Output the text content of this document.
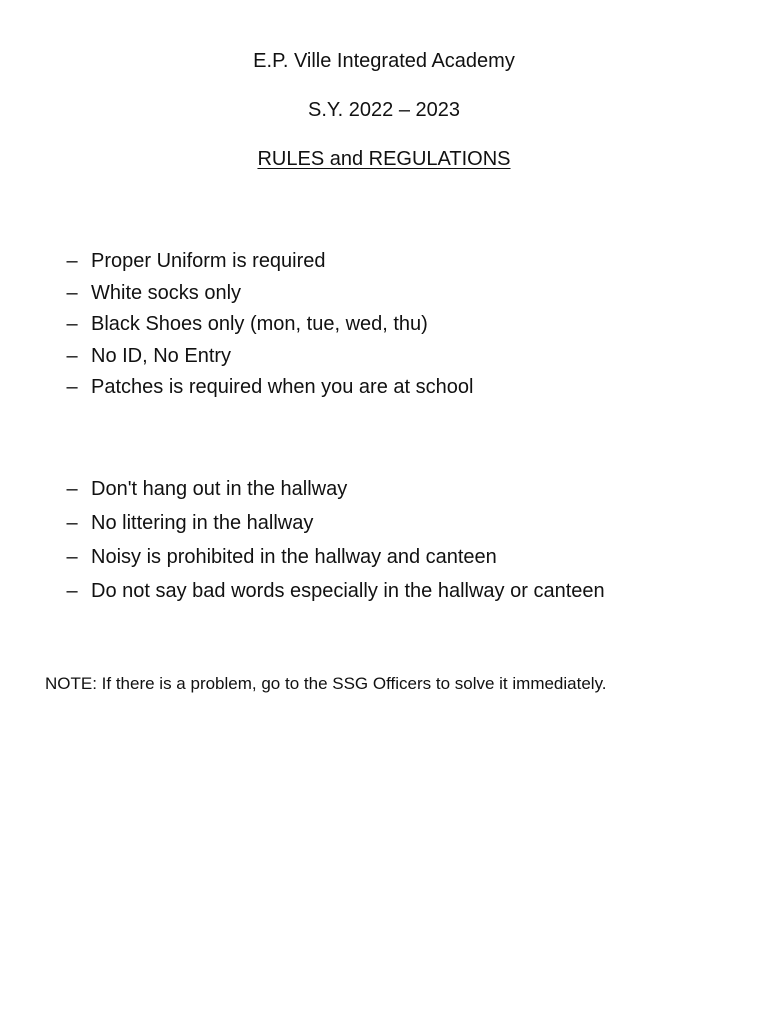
E.P. Ville Integrated Academy
S.Y. 2022 – 2023
RULES and REGULATIONS
– Proper Uniform is required
– White socks only
– Black Shoes only (mon, tue, wed, thu)
– No ID, No Entry
– Patches is required when you are at school
– Don't hang out in the hallway
– No littering in the hallway
– Noisy is prohibited in the hallway and canteen
– Do not say bad words especially in the hallway or canteen
NOTE: If there is a problem, go to the SSG Officers to solve it immediately.
